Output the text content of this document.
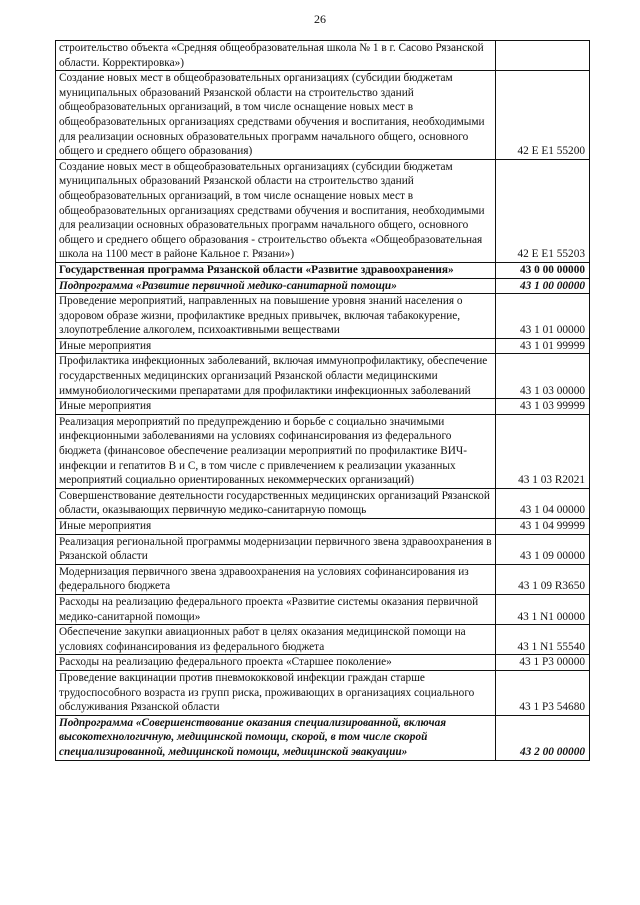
26
строительство объекта «Средняя общеобразовательная школа № 1 в г. Сасово Рязанской области. Корректировка»)	
Создание новых мест в общеобразовательных организациях (субсидии бюджетам муниципальных образований Рязанской области на строительство зданий общеобразовательных организаций, в том числе оснащение новых мест в общеобразовательных организациях средствами обучения и воспитания, необходимыми для реализации основных образовательных программ начального общего, основного общего и среднего общего образования)	42 E E1 55200
Создание новых мест в общеобразовательных организациях (субсидии бюджетам муниципальных образований Рязанской области на строительство зданий общеобразовательных организаций, в том числе оснащение новых мест в общеобразовательных организациях средствами обучения и воспитания, необходимыми для реализации основных образовательных программ начального общего, основного общего и среднего общего образования - строительство объекта «Общеобразовательная школа на 1100 мест в районе Кальное г. Рязани»)	42 E E1 55203
Государственная программа Рязанской области «Развитие здравоохранения»	43 0 00 00000
Подпрограмма «Развитие первичной медико-санитарной помощи»	43 1 00 00000
Проведение мероприятий, направленных на повышение уровня знаний населения о здоровом образе жизни, профилактике вредных привычек, включая табакокурение, злоупотребление алкоголем, психоактивными веществами	43 1 01 00000
Иные мероприятия	43 1 01 99999
Профилактика инфекционных заболеваний, включая иммунопрофилактику, обеспечение государственных медицинских организаций Рязанской области медицинскими иммунобиологическими препаратами для профилактики инфекционных заболеваний	43 1 03 00000
Иные мероприятия	43 1 03 99999
Реализация мероприятий по предупреждению и борьбе с социально значимыми инфекционными заболеваниями на условиях софинансирования из федерального бюджета (финансовое обеспечение реализации мероприятий по профилактике ВИЧ-инфекции и гепатитов В и С, в том числе с привлечением к реализации указанных мероприятий социально ориентированных некоммерческих организаций)	43 1 03 R2021
Совершенствование деятельности государственных медицинских организаций Рязанской области, оказывающих первичную медико-санитарную помощь	43 1 04 00000
Иные мероприятия	43 1 04 99999
Реализация региональной программы модернизации первичного звена здравоохранения в Рязанской области	43 1 09 00000
Модернизация первичного звена здравоохранения на условиях софинансирования из федерального бюджета	43 1 09 R3650
Расходы на реализацию федерального проекта «Развитие системы оказания первичной медико-санитарной помощи»	43 1 N1 00000
Обеспечение закупки авиационных работ в целях оказания медицинской помощи на условиях софинансирования из федерального бюджета	43 1 N1 55540
Расходы на реализацию федерального проекта «Старшее поколение»	43 1 P3 00000
Проведение вакцинации против пневмококковой инфекции граждан старше трудоспособного возраста из групп риска, проживающих в организациях социального обслуживания Рязанской области	43 1 P3 54680
Подпрограмма «Совершенствование оказания специализированной, включая высокотехнологичную, медицинской помощи, скорой, в том числе скорой специализированной, медицинской помощи, медицинской эвакуации»	43 2 00 00000
